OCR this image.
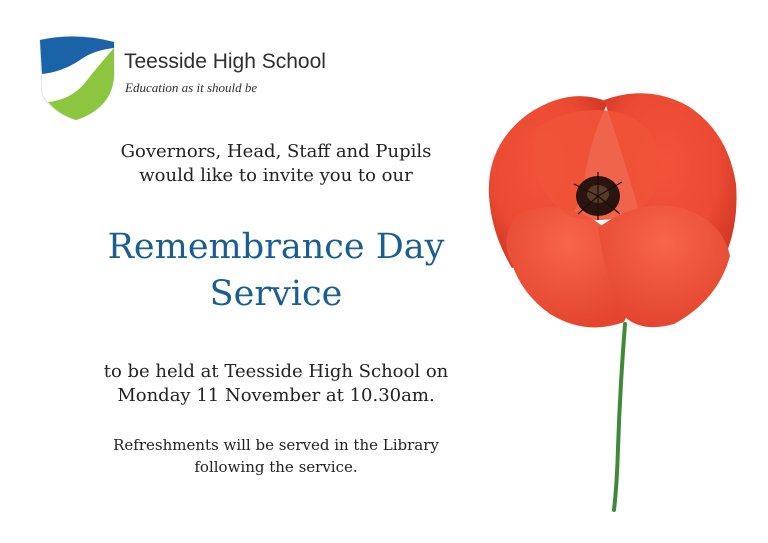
Teesside High School
Education as it should be
Governors, Head, Staff and Pupils
would like to invite you to our
Remembrance Day
Service
to be held at Teesside High School on
Monday 11 November at 10.30am.
Refreshments will be served in the Library
following the service.
